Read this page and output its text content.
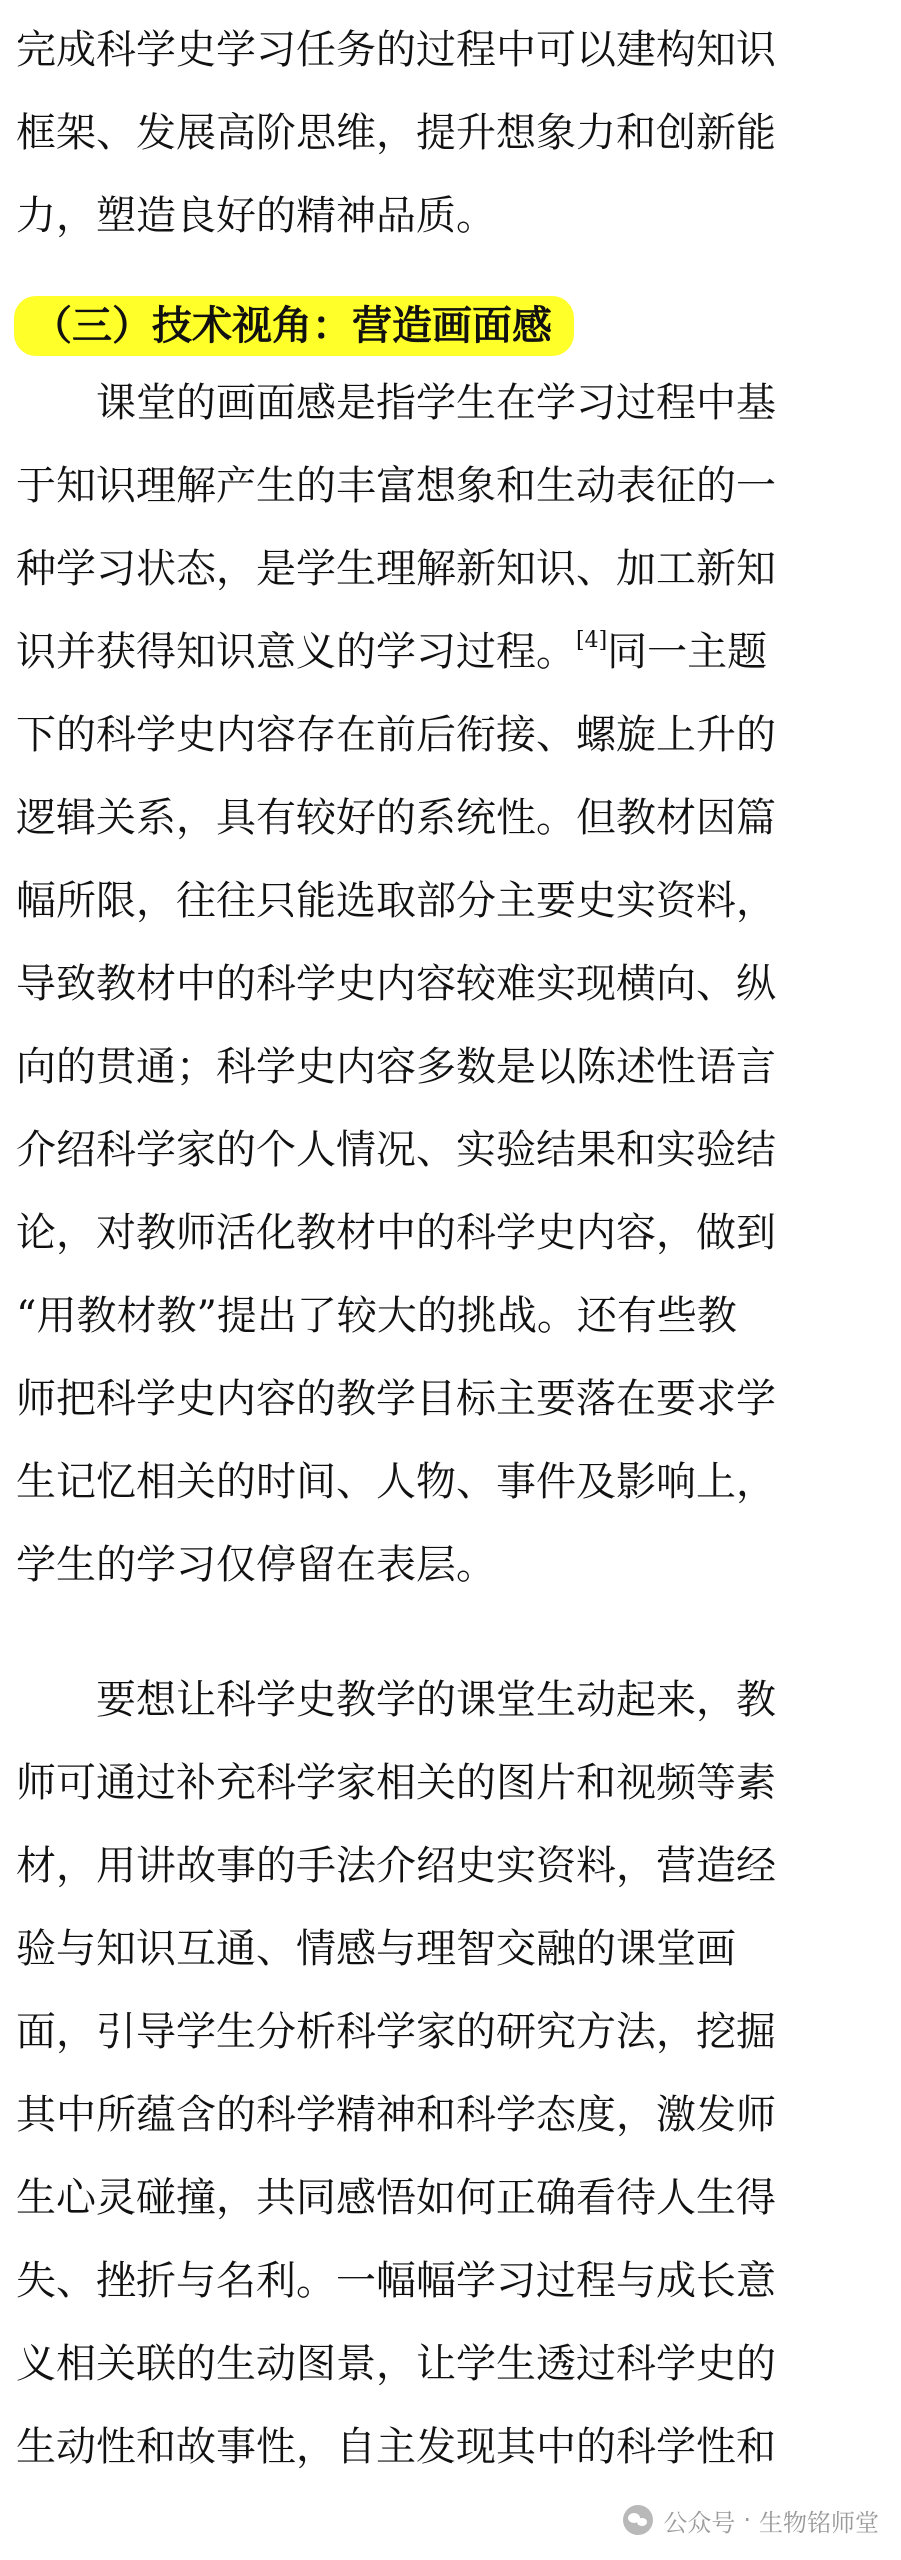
完成科学史学习任务的过程中可以建构知识
框架、发展高阶思维，提升想象力和创新能
力，塑造良好的精神品质。
（三）技术视角：营造画面感
课堂的画面感是指学生在学习过程中基
于知识理解产生的丰富想象和生动表征的一
种学习状态，是学生理解新知识、加工新知
识并获得知识意义的学习过程。[4]同一主题
下的科学史内容存在前后衔接、螺旋上升的
逻辑关系，具有较好的系统性。但教材因篇
幅所限，往往只能选取部分主要史实资料，
导致教材中的科学史内容较难实现横向、纵
向的贯通；科学史内容多数是以陈述性语言
介绍科学家的个人情况、实验结果和实验结
论，对教师活化教材中的科学史内容，做到
“用教材教”提出了较大的挑战。还有些教
师把科学史内容的教学目标主要落在要求学
生记忆相关的时间、人物、事件及影响上，
学生的学习仅停留在表层。
要想让科学史教学的课堂生动起来，教
师可通过补充科学家相关的图片和视频等素
材，用讲故事的手法介绍史实资料，营造经
验与知识互通、情感与理智交融的课堂画
面，引导学生分析科学家的研究方法，挖掘
其中所蕴含的科学精神和科学态度，激发师
生心灵碰撞，共同感悟如何正确看待人生得
失、挫折与名利。一幅幅学习过程与成长意
义相关联的生动图景，让学生透过科学史的
生动性和故事性，自主发现其中的科学性和
公众号 · 生物铭师堂
